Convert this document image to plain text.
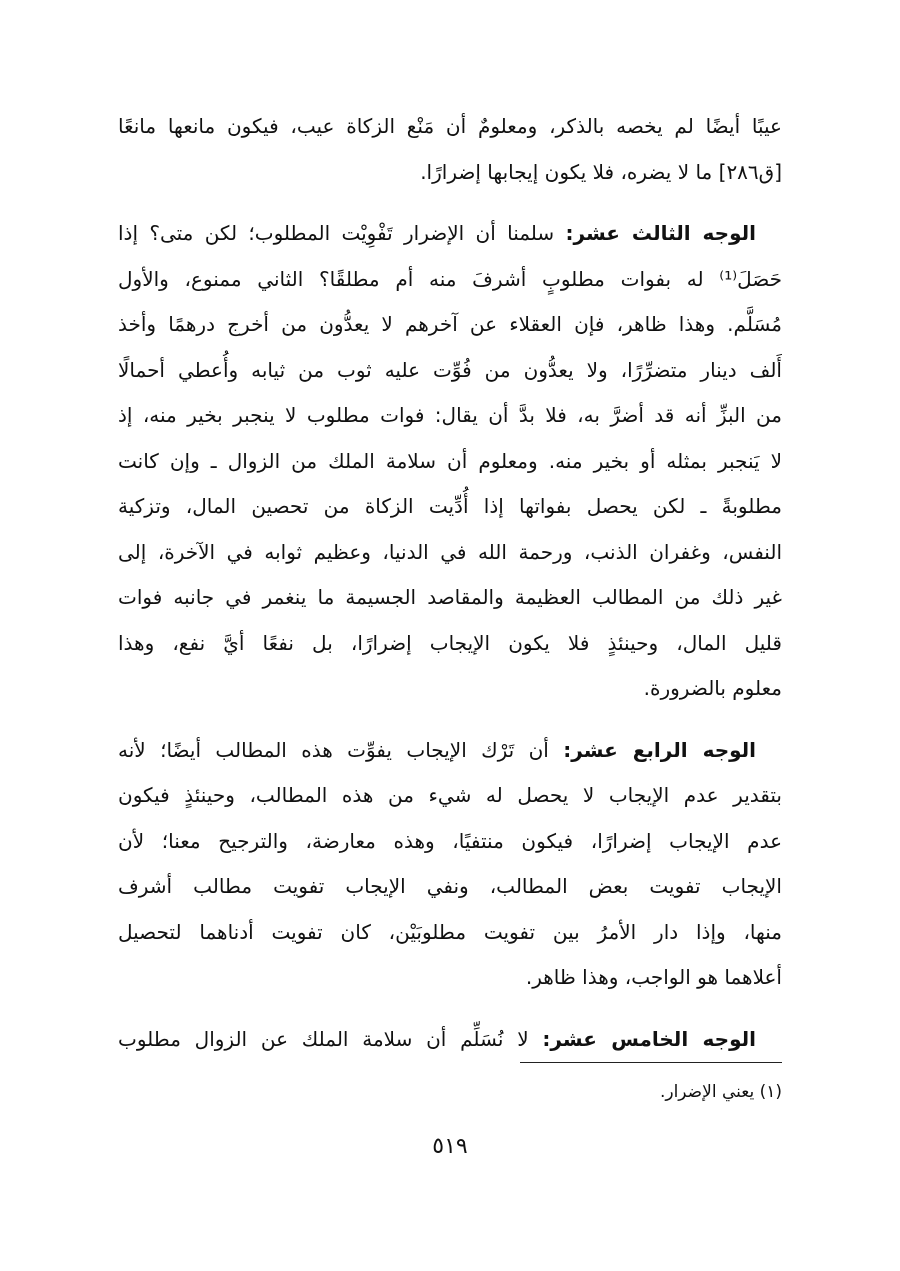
عيبًا أيضًا لم يخصه بالذكر، ومعلومٌ أن مَنْع الزكاة عيب، فيكون مانعها مانعًا
[ق٢٨٦] ما لا يضره، فلا يكون إيجابها إضرارًا.
الوجه الثالث عشر: سلمنا أن الإضرار تَفْوِيْت المطلوب؛ لكن متى؟ إذا
حَصَلَ⁽¹⁾ له بفوات مطلوبٍ أشرفَ منه أم مطلقًا؟ الثاني ممنوع، والأول
مُسَلَّم. وهذا ظاهر، فإن العقلاء عن آخرهم لا يعدُّون من أخرج درهمًا وأخذ
أَلف دينار متضرِّرًا، ولا يعدُّون من فُوِّت عليه ثوب من ثيابه وأُعطي أحمالًا
من البزِّ أنه قد أضرَّ به، فلا بدَّ أن يقال: فوات مطلوب لا ينجبر بخير منه، إذ
لا يَنجبر بمثله أو بخير منه. ومعلوم أن سلامة الملك من الزوال ـ وإن كانت
مطلوبةً ـ لكن يحصل بفواتها إذا أُدِّيت الزكاة من تحصين المال، وتزكية
النفس، وغفران الذنب، ورحمة الله في الدنيا، وعظيم ثوابه في الآخرة، إلى
غير ذلك من المطالب العظيمة والمقاصد الجسيمة ما ينغمر في جانبه فوات
قليل المال، وحينئذٍ فلا يكون الإيجاب إضرارًا، بل نفعًا أيَّ نفع، وهذا
معلوم بالضرورة.
الوجه الرابع عشر: أن تَرْك الإيجاب يفوِّت هذه المطالب أيضًا؛ لأنه
بتقدير عدم الإيجاب لا يحصل له شيء من هذه المطالب، وحينئذٍ فيكون
عدم الإيجاب إضرارًا، فيكون منتفيًا، وهذه معارضة، والترجيح معنا؛ لأن
الإيجاب تفويت بعض المطالب، ونفي الإيجاب تفويت مطالب أشرف
منها، وإذا دار الأمرُ بين تفويت مطلوبَيْن، كان تفويت أدناهما لتحصيل
أعلاهما هو الواجب، وهذا ظاهر.
الوجه الخامس عشر: لا نُسَلِّم أن سلامة الملك عن الزوال مطلوب
(١) يعني الإضرار.
٥١٩
